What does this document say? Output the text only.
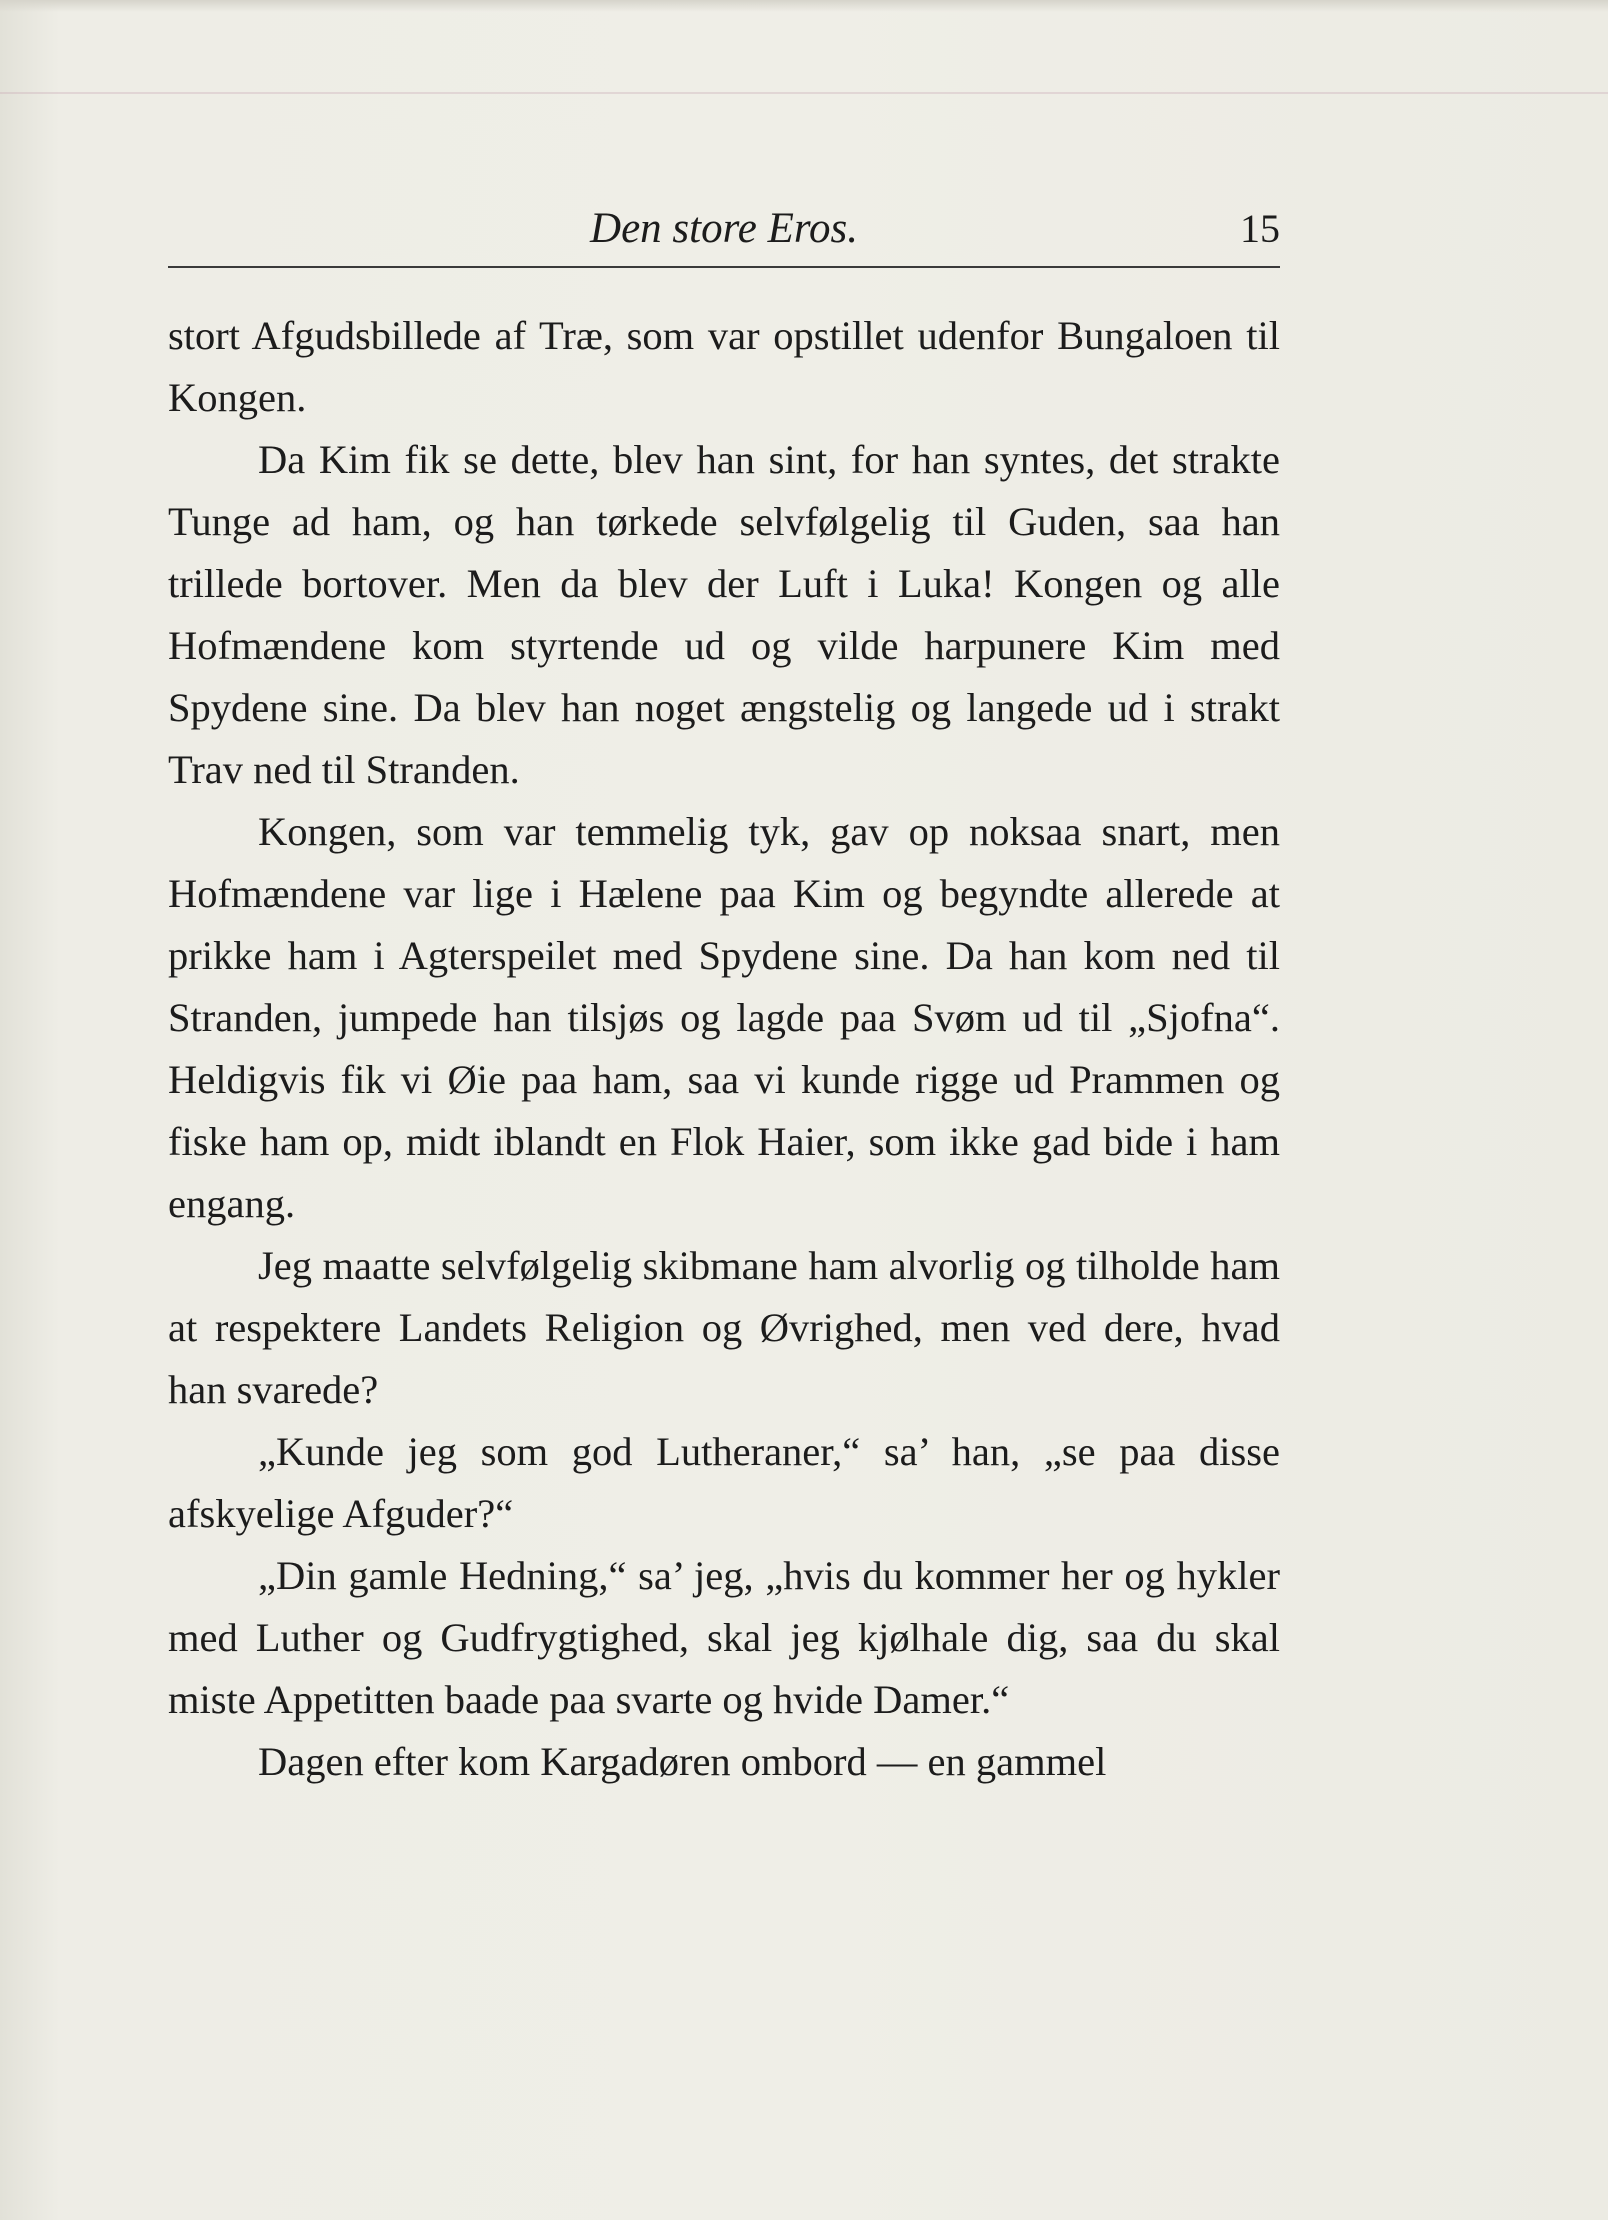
Den store Eros.	15

stort Afgudsbillede af Træ, som var opstillet udenfor Bungaloen til Kongen.

Da Kim fik se dette, blev han sint, for han syntes, det strakte Tunge ad ham, og han tørkede selvfølgelig til Guden, saa han trillede bortover. Men da blev der Luft i Luka! Kongen og alle Hofmændene kom styrtende ud og vilde harpunere Kim med Spydene sine. Da blev han noget ængstelig og langede ud i strakt Trav ned til Stranden.

Kongen, som var temmelig tyk, gav op noksaa snart, men Hofmændene var lige i Hælene paa Kim og begyndte allerede at prikke ham i Agterspeilet med Spydene sine. Da han kom ned til Stranden, jumpede han tilsjøs og lagde paa Svøm ud til „Sjofna“. Heldigvis fik vi Øie paa ham, saa vi kunde rigge ud Prammen og fiske ham op, midt iblandt en Flok Haier, som ikke gad bide i ham engang.

Jeg maatte selvfølgelig skibmane ham alvorlig og tilholde ham at respektere Landets Religion og Øvrighed, men ved dere, hvad han svarede?

„Kunde jeg som god Lutheraner,“ sa’ han, „se paa disse afskyelige Afguder?“

„Din gamle Hedning,“ sa’ jeg, „hvis du kommer her og hykler med Luther og Gudfrygtighed, skal jeg kjølhale dig, saa du skal miste Appetitten baade paa svarte og hvide Damer.“

Dagen efter kom Kargadøren ombord — en gammel
